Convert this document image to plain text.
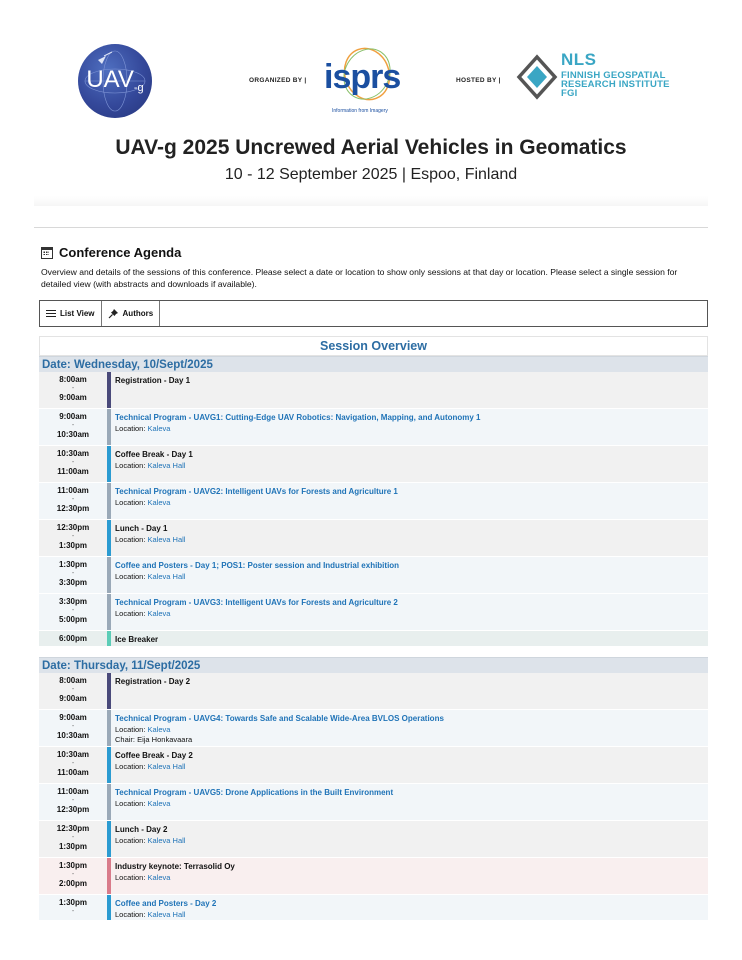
UAV-g
ORGANIZED BY | isprs
Information from Imagery
HOSTED BY |
NLS
FINNISH GEOSPATIAL
RESEARCH INSTITUTE
FGI
UAV-g 2025 Uncrewed Aerial Vehicles in Geomatics
10 - 12 September 2025 | Espoo, Finland
Conference Agenda
Overview and details of the sessions of this conference. Please select a date or location to show only sessions at that day or location. Please select a single session for detailed view (with abstracts and downloads if available).
List View	Authors
Session Overview
Date: Wednesday, 10/Sept/2025
8:00am
-
9:00am
Registration - Day 1
9:00am
-
10:30am
Technical Program - UAVG1: Cutting-Edge UAV Robotics: Navigation, Mapping, and Autonomy 1
Location: Kaleva
10:30am
-
11:00am
Coffee Break - Day 1
Location: Kaleva Hall
11:00am
-
12:30pm
Technical Program - UAVG2: Intelligent UAVs for Forests and Agriculture 1
Location: Kaleva
12:30pm
-
1:30pm
Lunch - Day 1
Location: Kaleva Hall
1:30pm
-
3:30pm
Coffee and Posters - Day 1; POS1: Poster session and Industrial exhibition
Location: Kaleva Hall
3:30pm
-
5:00pm
Technical Program - UAVG3: Intelligent UAVs for Forests and Agriculture 2
Location: Kaleva
6:00pm	Ice Breaker
Date: Thursday, 11/Sept/2025
8:00am
-
9:00am
Registration - Day 2
9:00am
-
10:30am
Technical Program - UAVG4: Towards Safe and Scalable Wide-Area BVLOS Operations
Location: Kaleva
Chair: Eija Honkavaara
10:30am
-
11:00am
Coffee Break - Day 2
Location: Kaleva Hall
11:00am
-
12:30pm
Technical Program - UAVG5: Drone Applications in the Built Environment
Location: Kaleva
12:30pm
-
1:30pm
Lunch - Day 2
Location: Kaleva Hall
1:30pm
-
2:00pm
Industry keynote: Terrasolid Oy
Location: Kaleva
1:30pm
-
Coffee and Posters - Day 2
Location: Kaleva Hall
